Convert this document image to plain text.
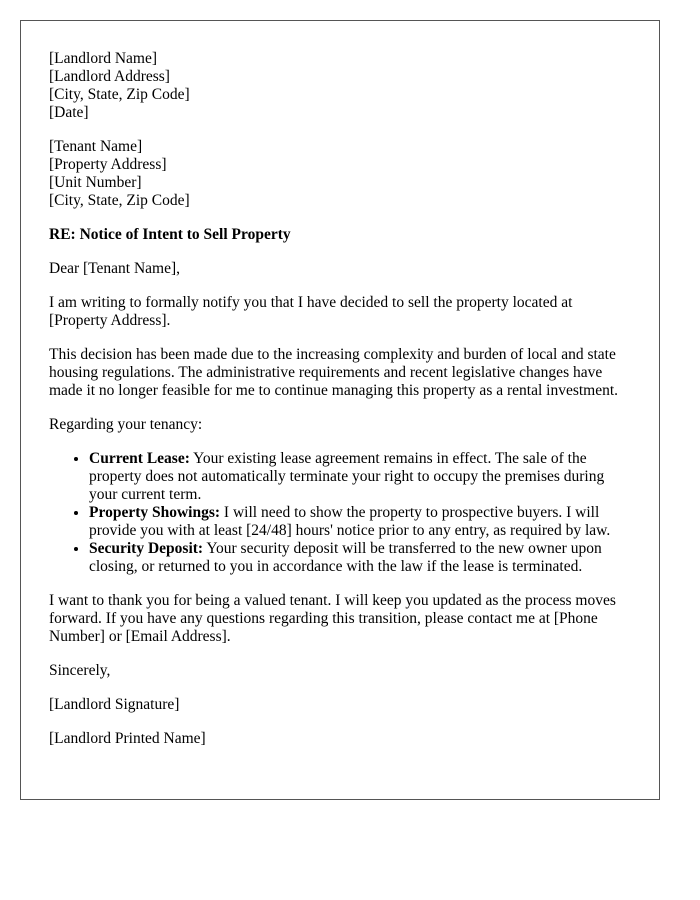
[Landlord Name]
[Landlord Address]
[City, State, Zip Code]
[Date]
[Tenant Name]
[Property Address]
[Unit Number]
[City, State, Zip Code]

RE: Notice of Intent to Sell Property

Dear [Tenant Name],

I am writing to formally notify you that I have decided to sell the property located at [Property Address].

This decision has been made due to the increasing complexity and burden of local and state housing regulations. The administrative requirements and recent legislative changes have made it no longer feasible for me to continue managing this property as a rental investment.

Regarding your tenancy:

• Current Lease: Your existing lease agreement remains in effect. The sale of the property does not automatically terminate your right to occupy the premises during your current term.
• Property Showings: I will need to show the property to prospective buyers. I will provide you with at least [24/48] hours' notice prior to any entry, as required by law.
• Security Deposit: Your security deposit will be transferred to the new owner upon closing, or returned to you in accordance with the law if the lease is terminated.

I want to thank you for being a valued tenant. I will keep you updated as the process moves forward. If you have any questions regarding this transition, please contact me at [Phone Number] or [Email Address].

Sincerely,

[Landlord Signature]

[Landlord Printed Name]
